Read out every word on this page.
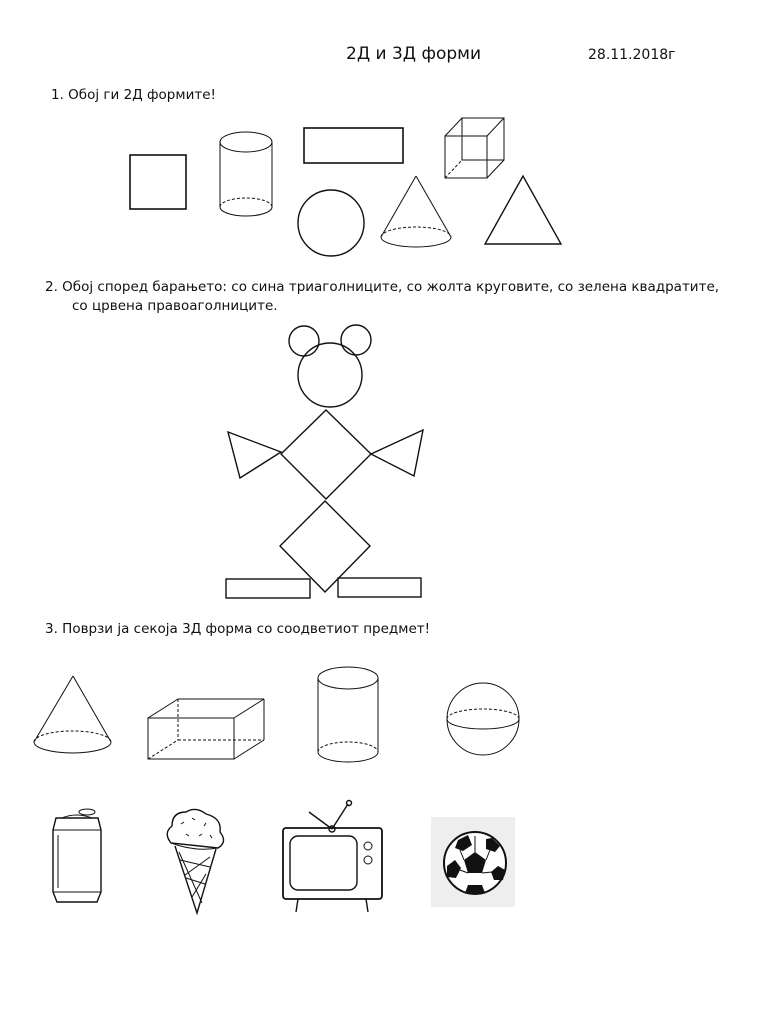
2Д и 3Д форми	28.11.2018г
1. Обој ги 2Д формите!
2. Обој според барањето: со сина триаголниците, со жолта круговите, со зелена квадратите,
со црвена правоаголниците.
3. Поврзи ја секоја 3Д форма со соодветиот предмет!
